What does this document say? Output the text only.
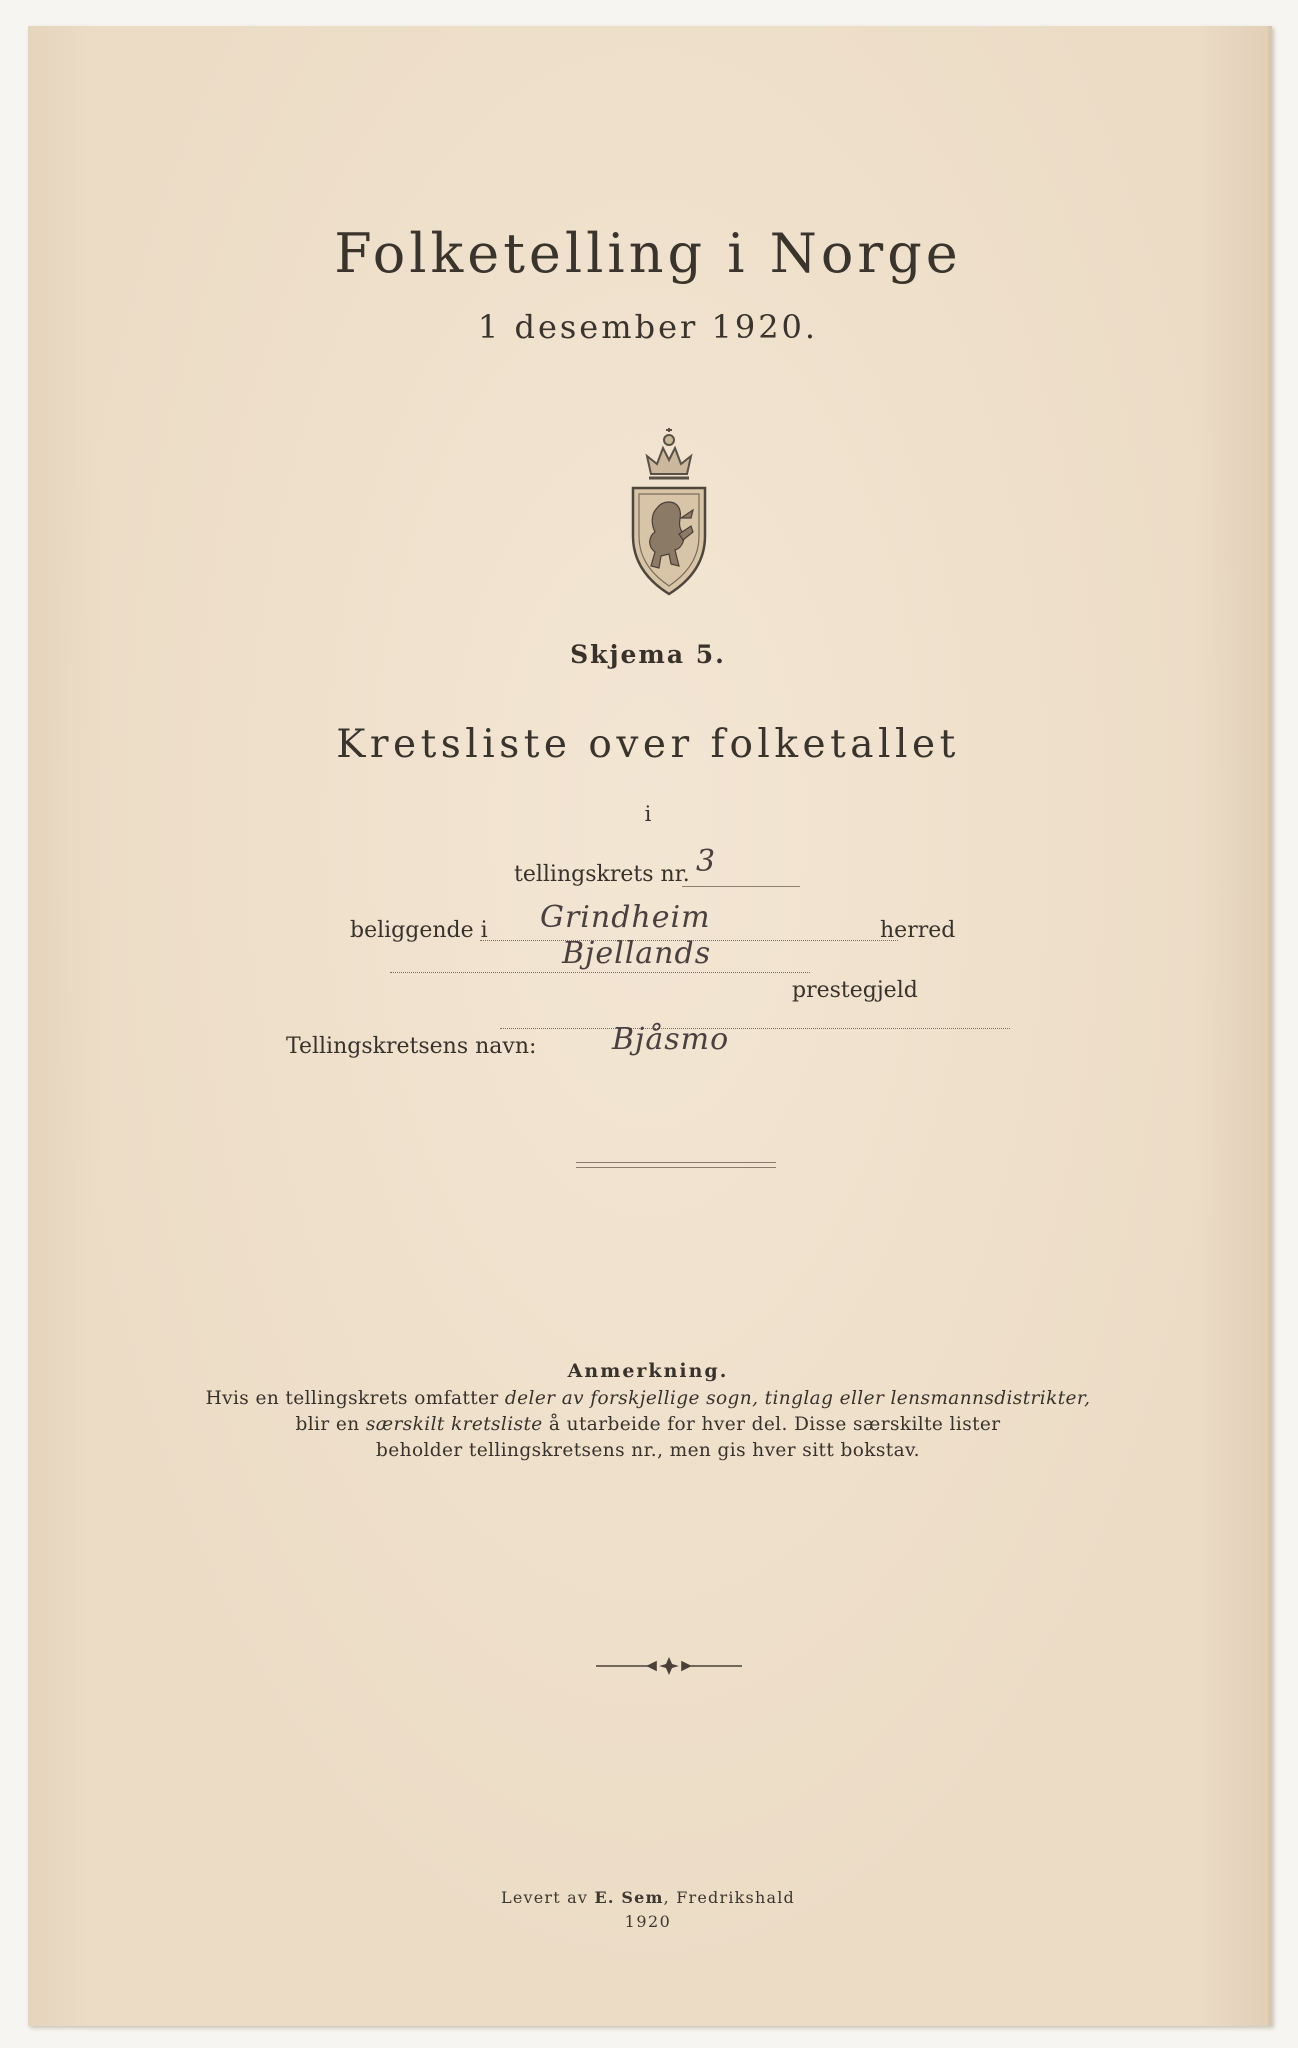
Folketelling i Norge
1 desember 1920.
Skjema 5.
Kretsliste over folketallet
i
tellingskrets nr. 3
beliggende i Grindheim	herred
Bjellands
prestegjeld
Tellingskretsens navn:	Bjåsmo
Anmerkning.
Hvis en tellingskrets omfatter deler av forskjellige sogn, tinglag eller lensmannsdistrikter,
blir en særskilt kretsliste å utarbeide for hver del. Disse særskilte lister
beholder tellingskretsens nr., men gis hver sitt bokstav.
Levert av E. Sem, Fredrikshald
1920
